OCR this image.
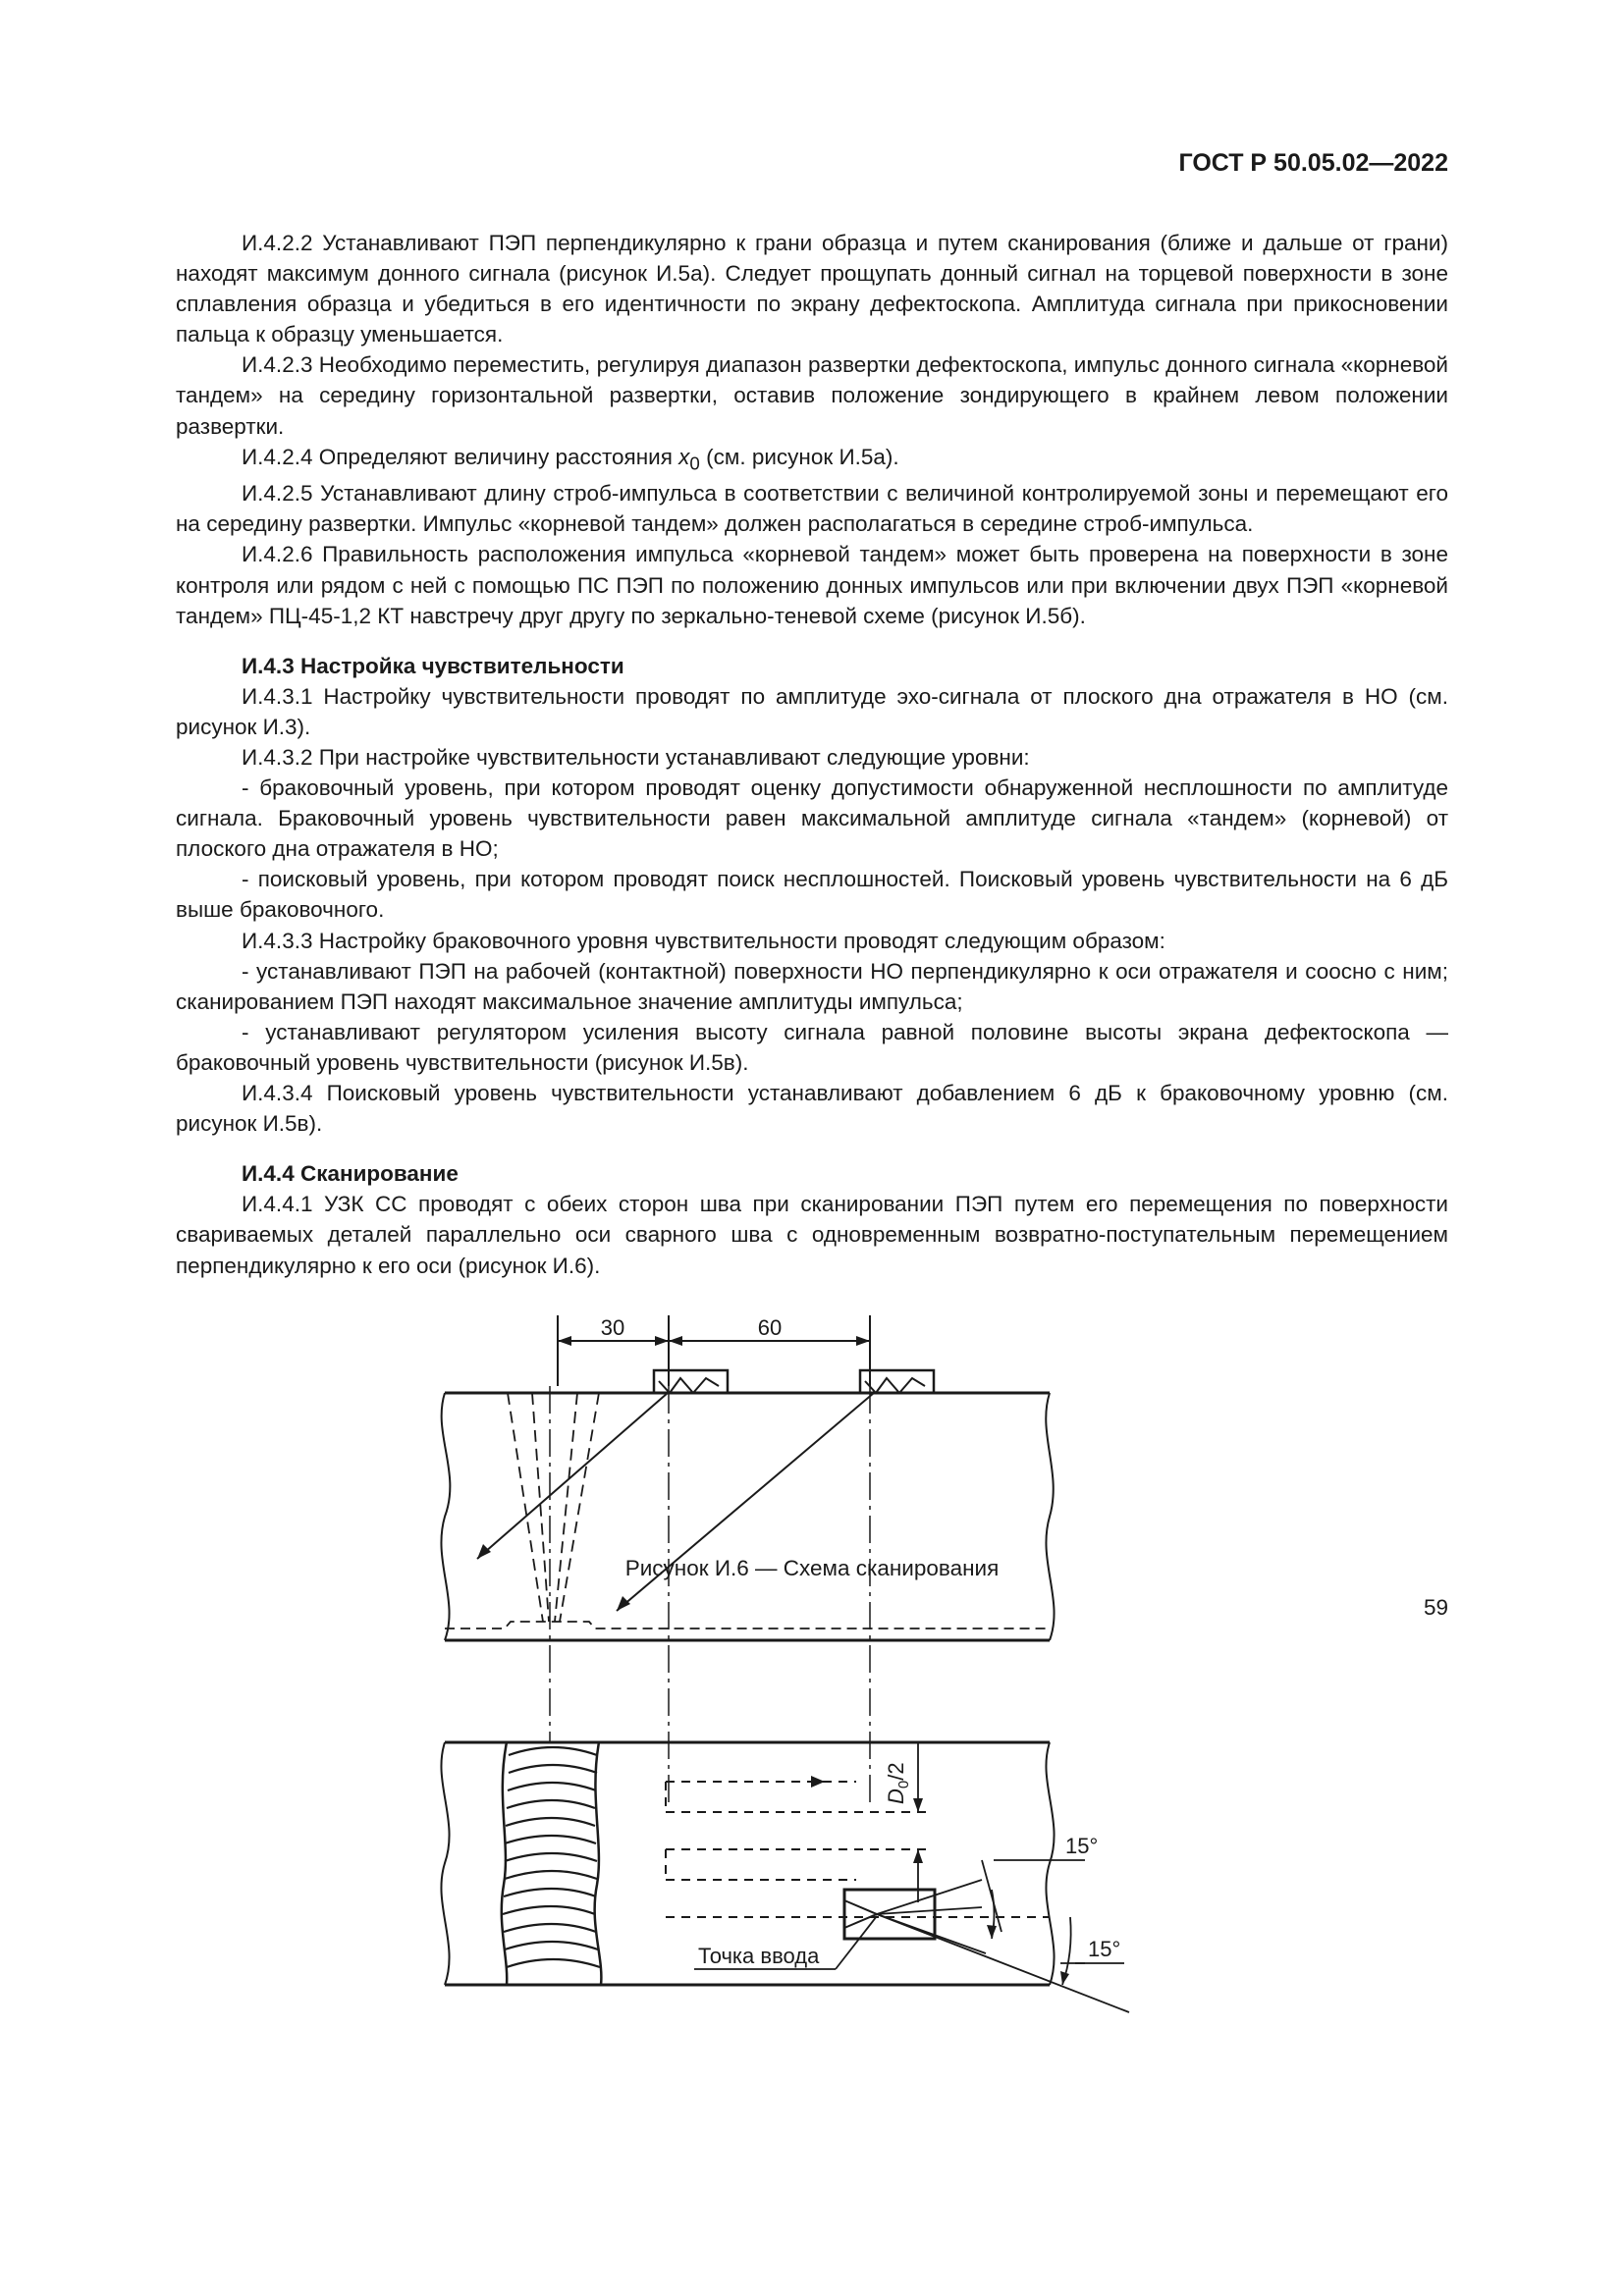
ГОСТ Р 50.05.02—2022

И.4.2.2 Устанавливают ПЭП перпендикулярно к грани образца и путем сканирования (ближе и дальше от грани) находят максимум донного сигнала (рисунок И.5а). Следует прощупать донный сигнал на торцевой поверхности в зоне сплавления образца и убедиться в его идентичности по экрану дефектоскопа. Амплитуда сигнала при прикосновении пальца к образцу уменьшается.

И.4.2.3 Необходимо переместить, регулируя диапазон развертки дефектоскопа, импульс донного сигнала «корневой тандем» на середину горизонтальной развертки, оставив положение зондирующего в крайнем левом положении развертки.

И.4.2.4 Определяют величину расстояния $x_0$ (см. рисунок И.5а).

И.4.2.5 Устанавливают длину строб-импульса в соответствии с величиной контролируемой зоны и перемещают его на середину развертки. Импульс «корневой тандем» должен располагаться в середине строб-импульса.

И.4.2.6 Правильность расположения импульса «корневой тандем» может быть проверена на поверхности в зоне контроля или рядом с ней с помощью ПС ПЭП по положению донных импульсов или при включении двух ПЭП «корневой тандем» ПЦ-45-1,2 КТ навстречу друг другу по зеркально-теневой схеме (рисунок И.5б).

И.4.3 Настройка чувствительности

И.4.3.1 Настройку чувствительности проводят по амплитуде эхо-сигнала от плоского дна отражателя в НО (см. рисунок И.3).

И.4.3.2 При настройке чувствительности устанавливают следующие уровни:

- браковочный уровень, при котором проводят оценку допустимости обнаруженной несплошности по амплитуде сигнала. Браковочный уровень чувствительности равен максимальной амплитуде сигнала «тандем» (корневой) от плоского дна отражателя в НО;

- поисковый уровень, при котором проводят поиск несплошностей. Поисковый уровень чувствительности на 6 дБ выше браковочного.

И.4.3.3 Настройку браковочного уровня чувствительности проводят следующим образом:

- устанавливают ПЭП на рабочей (контактной) поверхности НО перпендикулярно к оси отражателя и соосно с ним; сканированием ПЭП находят максимальное значение амплитуды импульса;

- устанавливают регулятором усиления высоту сигнала равной половине высоты экрана дефектоскопа — браковочный уровень чувствительности (рисунок И.5в).

И.4.3.4 Поисковый уровень чувствительности устанавливают добавлением 6 дБ к браковочному уровню (см. рисунок И.5в).

И.4.4 Сканирование

И.4.4.1 УЗК СС проводят с обеих сторон шва при сканировании ПЭП путем его перемещения по поверхности свариваемых деталей параллельно оси сварного шва с одновременным возвратно-поступательным перемещением перпендикулярно к его оси (рисунок И.6).

30	60
$D_0/2$
15°
15°
Точка ввода
Рисунок И.6 — Схема сканирования
59
